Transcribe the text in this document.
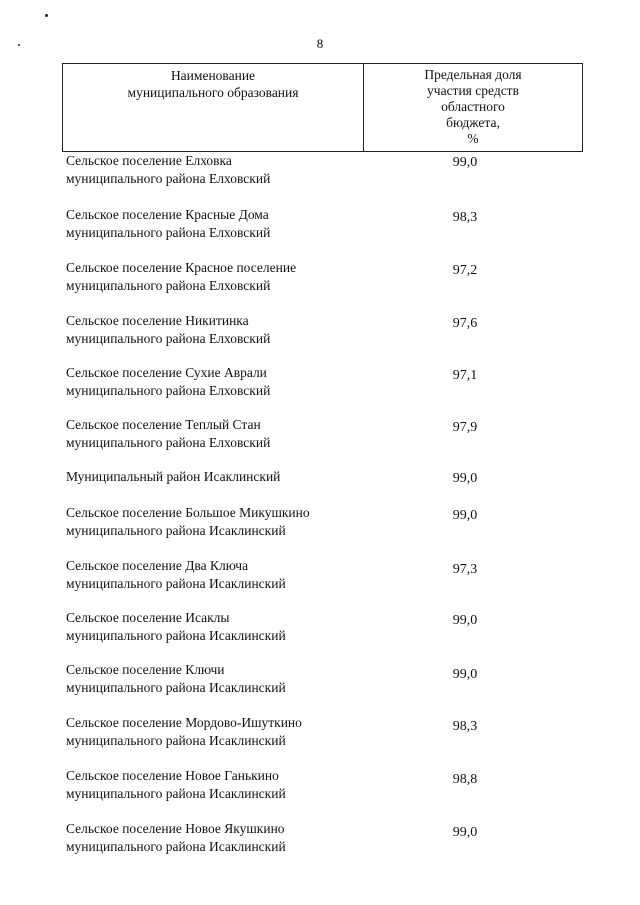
8
Наименование
муниципального образования
Предельная доля
участия средств
областного
бюджета,
%
Сельское поселение Елховка
муниципального района Елховский
99,0
Сельское поселение Красные Дома
муниципального района Елховский
98,3
Сельское поселение Красное поселение
муниципального района Елховский
97,2
Сельское поселение Никитинка
муниципального района Елховский
97,6
Сельское поселение Сухие Аврали
муниципального района Елховский
97,1
Сельское поселение Теплый Стан
муниципального района Елховский
97,9
Муниципальный район Исаклинский	99,0
Сельское поселение Большое Микушкино
муниципального района Исаклинский
99,0
Сельское поселение Два Ключа
муниципального района Исаклинский
97,3
Сельское поселение Исаклы
муниципального района Исаклинский
99,0
Сельское поселение Ключи
муниципального района Исаклинский
99,0
Сельское поселение Мордово-Ишуткино
муниципального района Исаклинский
98,3
Сельское поселение Новое Ганькино
муниципального района Исаклинский
98,8
Сельское поселение Новое Якушкино
муниципального района Исаклинский
99,0
